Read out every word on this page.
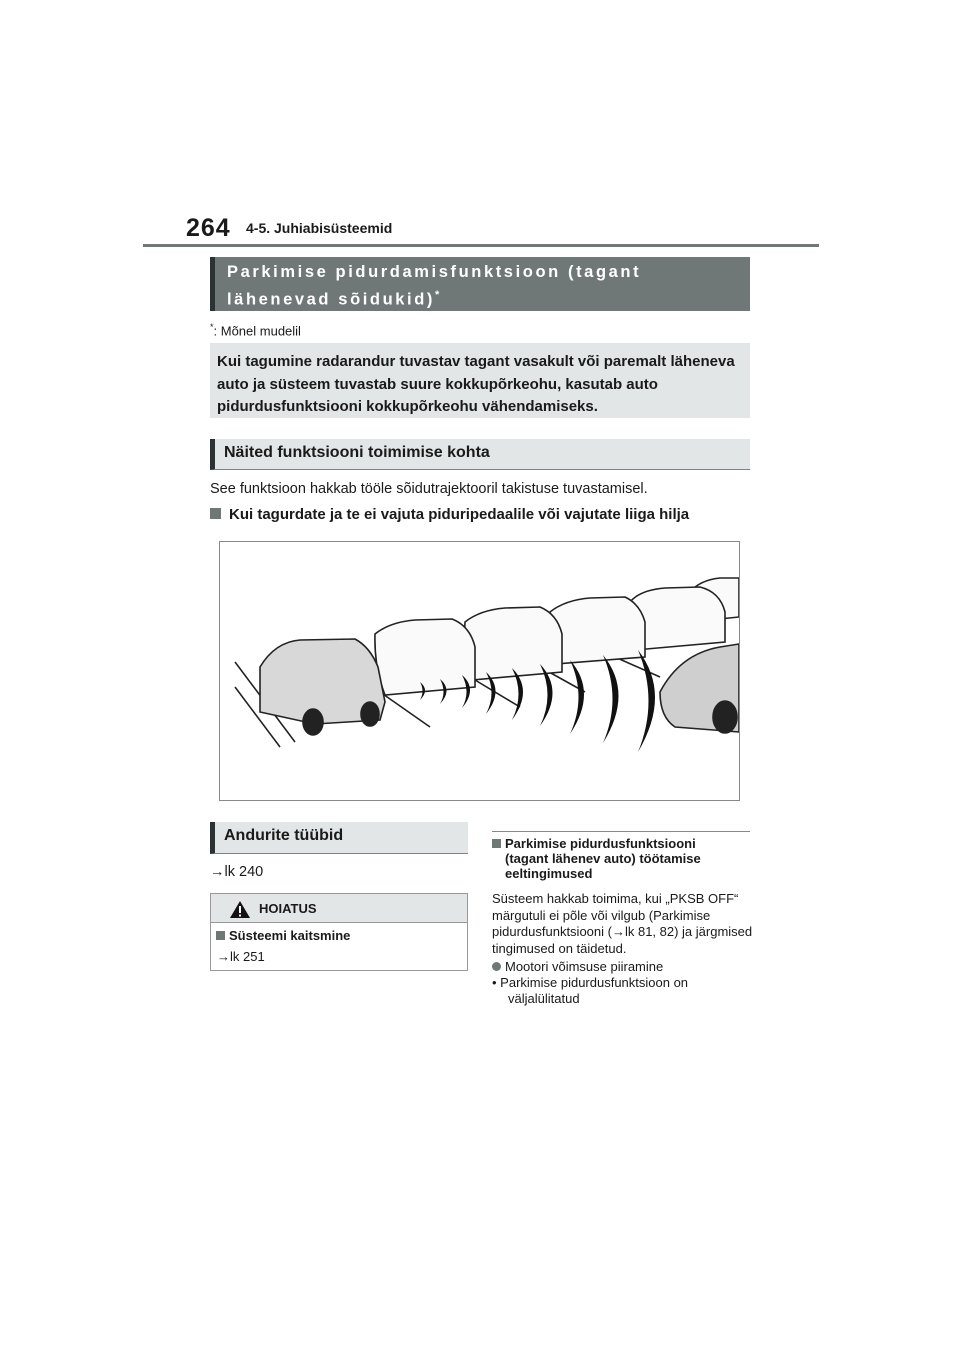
264 4-5. Juhiabisüsteemid
Parkimise pidurdamisfunktsioon (tagant lähenevad sõidukid)*
*: Mõnel mudelil
Kui tagumine radarandur tuvastav tagant vasakult või paremalt läheneva auto ja süsteem tuvastab suure kokkupõrkeohu, kasutab auto pidurdusfunktsiooni kokkupõrkeohu vähendamiseks.
Näited funktsiooni toimimise kohta
See funktsioon hakkab tööle sõidutrajektooril takistuse tuvastamisel.
Kui tagurdate ja te ei vajuta piduripedaalile või vajutate liiga hilja
Andurite tüübid
→lk 240
HOIATUS
Süsteemi kaitsmine
→lk 251
Parkimise pidurdusfunktsiooni
(tagant lähenev auto) töötamise
eeltingimused
Süsteem hakkab toimima, kui „PKSB OFF“ märgutuli ei põle või vilgub (Parkimise pidurdusfunktsiooni (→lk 81, 82) ja järgmised tingimused on täidetud.
Mootori võimsuse piiramine
• Parkimise pidurdusfunktsioon on
väljalülitatud
